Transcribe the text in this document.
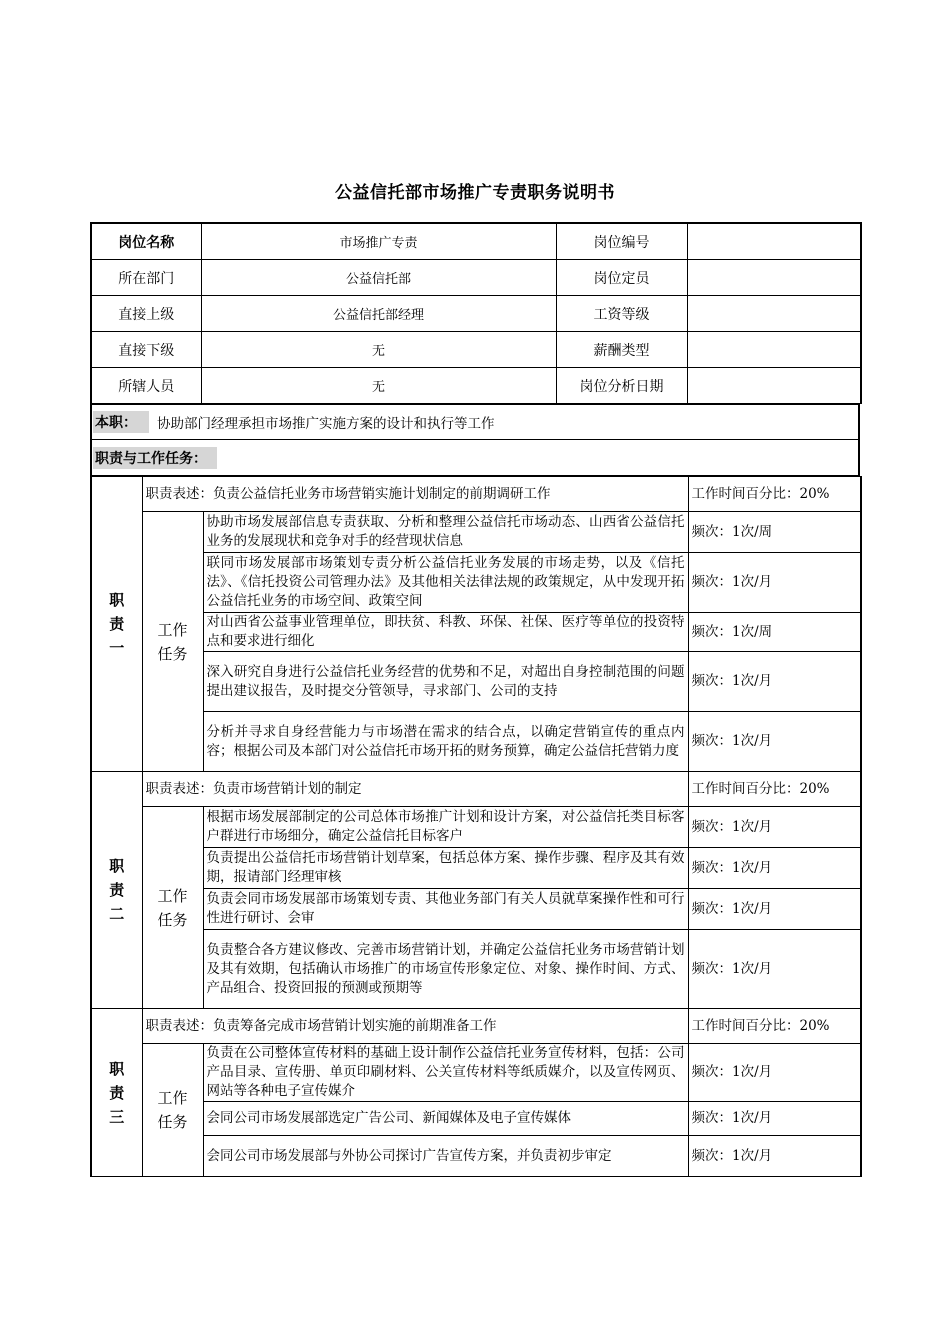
公益信托部市场推广专责职务说明书
岗位名称	市场推广专责	岗位编号	
所在部门	公益信托部	岗位定员	
直接上级	公益信托部经理	工资等级	
直接下级	无	薪酬类型	
所辖人员	无	岗位分析日期	
本职：	协助部门经理承担市场推广实施方案的设计和执行等工作
职责与工作任务：
职
责
一	职责表述：负责公益信托业务市场营销实施计划制定的前期调研工作		工作时间百分比：20%
	工作
任务	协助市场发展部信息专责获取、分析和整理公益信托市场动态、山西省公益信托业务的发展现状和竞争对手的经营现状信息	频次：1次/周
		联同市场发展部市场策划专责分析公益信托业务发展的市场走势，以及《信托法》、《信托投资公司管理办法》及其他相关法律法规的政策规定，从中发现开拓公益信托业务的市场空间、政策空间	频次：1次/月
		对山西省公益事业管理单位，即扶贫、科教、环保、社保、医疗等单位的投资特点和要求进行细化	频次：1次/周
		深入研究自身进行公益信托业务经营的优势和不足，对超出自身控制范围的问题提出建议报告，及时提交分管领导，寻求部门、公司的支持	频次：1次/月
		分析并寻求自身经营能力与市场潜在需求的结合点，以确定营销宣传的重点内容；根据公司及本部门对公益信托市场开拓的财务预算，确定公益信托营销力度	频次：1次/月
职
责
二	职责表述：负责市场营销计划的制定		工作时间百分比：20%
	工作
任务	根据市场发展部制定的公司总体市场推广计划和设计方案，对公益信托类目标客户群进行市场细分，确定公益信托目标客户	频次：1次/月
		负责提出公益信托市场营销计划草案，包括总体方案、操作步骤、程序及其有效期，报请部门经理审核	频次：1次/月
		负责会同市场发展部市场策划专责、其他业务部门有关人员就草案操作性和可行性进行研讨、会审	频次：1次/月
		负责整合各方建议修改、完善市场营销计划，并确定公益信托业务市场营销计划及其有效期，包括确认市场推广的市场宣传形象定位、对象、操作时间、方式、产品组合、投资回报的预测或预期等	频次：1次/月
职
责
三	职责表述：负责筹备完成市场营销计划实施的前期准备工作		工作时间百分比：20%
	工作
任务	负责在公司整体宣传材料的基础上设计制作公益信托业务宣传材料，包括：公司产品目录、宣传册、单页印刷材料、公关宣传材料等纸质媒介，以及宣传网页、网站等各种电子宣传媒介	频次：1次/月
		会同公司市场发展部选定广告公司、新闻媒体及电子宣传媒体	频次：1次/月
		会同公司市场发展部与外协公司探讨广告宣传方案，并负责初步审定	频次：1次/月
